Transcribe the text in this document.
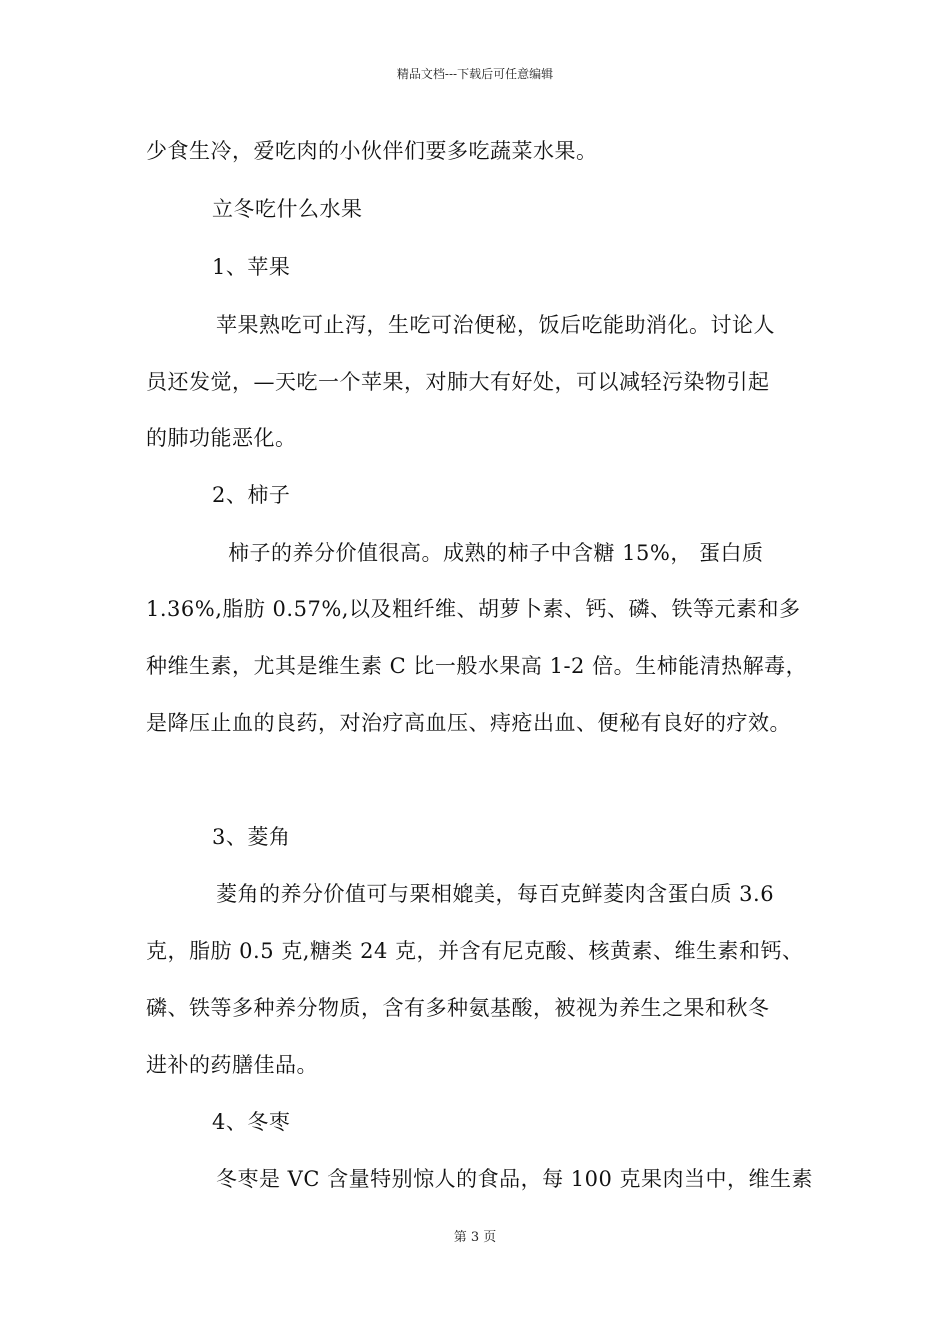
精品文档---下载后可任意编辑
少食生冷，爱吃肉的小伙伴们要多吃蔬菜水果。
立冬吃什么水果
1、苹果
苹果熟吃可止泻，生吃可治便秘，饭后吃能助消化。讨论人
员还发觉，—天吃一个苹果，对肺大有好处，可以减轻污染物引起
的肺功能恶化。
2、柿子
柿子的养分价值很高。成熟的柿子中含糖 15%， 蛋白质
1.36%,脂肪 0.57%,以及粗纤维、胡萝卜素、钙、磷、铁等元素和多
种维生素，尤其是维生素 C 比一般水果高 1-2 倍。生柿能清热解毒，
是降压止血的良药，对治疗高血压、痔疮出血、便秘有良好的疗效。
3、菱角
菱角的养分价值可与栗相媲美，每百克鲜菱肉含蛋白质 3.6
克，脂肪 0.5 克,糖类 24 克，并含有尼克酸、核黄素、维生素和钙、
磷、铁等多种养分物质，含有多种氨基酸，被视为养生之果和秋冬
进补的药膳佳品。
4、冬枣
冬枣是 VC 含量特别惊人的食品，每 100 克果肉当中，维生素
第 3 页
